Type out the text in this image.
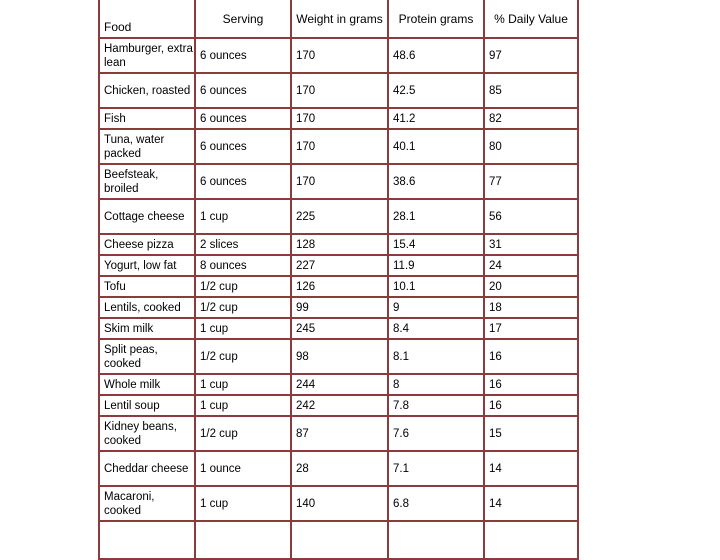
Food	Serving	Weight in grams	Protein grams	% Daily Value
Hamburger, extra lean	6 ounces	170	48.6	97
Chicken, roasted	6 ounces	170	42.5	85
Fish	6 ounces	170	41.2	82
Tuna, water packed	6 ounces	170	40.1	80
Beefsteak, broiled	6 ounces	170	38.6	77
Cottage cheese	1 cup	225	28.1	56
Cheese pizza	2 slices	128	15.4	31
Yogurt, low fat	8 ounces	227	11.9	24
Tofu	1/2 cup	126	10.1	20
Lentils, cooked	1/2 cup	99	9	18
Skim milk	1 cup	245	8.4	17
Split peas, cooked	1/2 cup	98	8.1	16
Whole milk	1 cup	244	8	16
Lentil soup	1 cup	242	7.8	16
Kidney beans, cooked	1/2 cup	87	7.6	15
Cheddar cheese	1 ounce	28	7.1	14
Macaroni, cooked	1 cup	140	6.8	14
